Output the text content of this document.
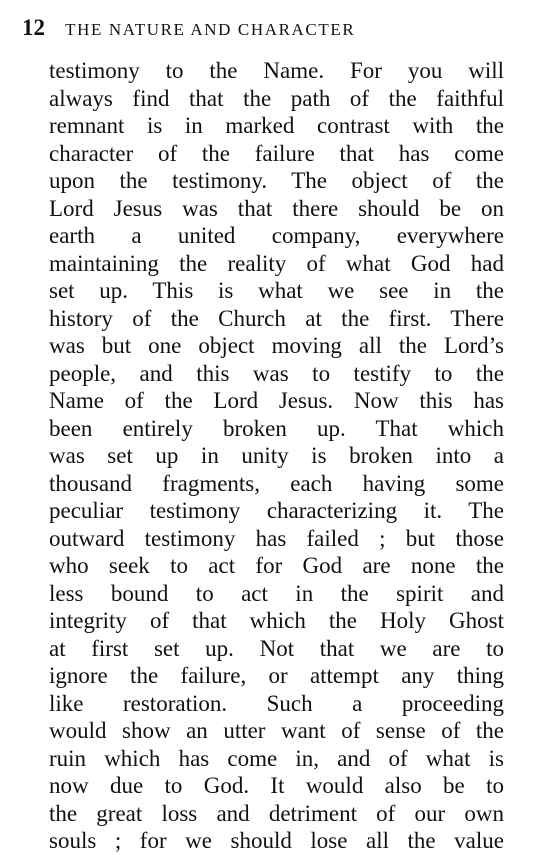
12 THE NATURE AND CHARACTER
testimony to the Name. For you will
always find that the path of the faithful
remnant is in marked contrast with the
character of the failure that has come
upon the testimony. The object of the
Lord Jesus was that there should be on
earth a united company, everywhere
maintaining the reality of what God had
set up. This is what we see in the
history of the Church at the first. There
was but one object moving all the Lord’s
people, and this was to testify to the
Name of the Lord Jesus. Now this has
been entirely broken up. That which
was set up in unity is broken into a
thousand fragments, each having some
peculiar testimony characterizing it. The
outward testimony has failed ; but those
who seek to act for God are none the
less bound to act in the spirit and
integrity of that which the Holy Ghost
at first set up. Not that we are to
ignore the failure, or attempt any thing
like restoration. Such a proceeding
would show an utter want of sense of the
ruin which has come in, and of what is
now due to God. It would also be to
the great loss and detriment of our own
souls ; for we should lose all the value
